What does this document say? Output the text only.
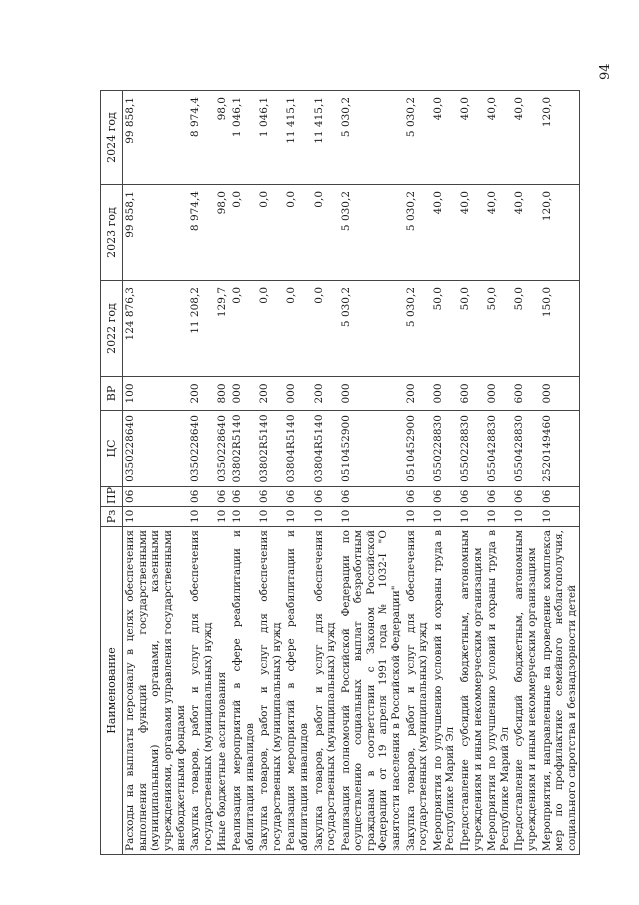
94
Наименование	Рз	ПР	ЦС	ВР	2022 год	2023 год	2024 год
Расходы на выплаты персоналу в целях обеспечения выполнения функций государственными (муниципальными) органами, казенными учреждениями, органами управления государственными внебюджетными фондами	10	06	0350228640	100	124 876,3	99 858,1	99 858,1
Закупка товаров, работ и услуг для обеспечения государственных (муниципальных) нужд	10	06	0350228640	200	11 208,2	8 974,4	8 974,4
Иные бюджетные ассигнования	10	06	0350228640	800	129,7	98,0	98,0
Реализация мероприятий в сфере реабилитации и абилитации инвалидов	10	06	03802R5140	000	0,0	0,0	1 046,1
Закупка товаров, работ и услуг для обеспечения государственных (муниципальных) нужд	10	06	03802R5140	200	0,0	0,0	1 046,1
Реализация мероприятий в сфере реабилитации и абилитации инвалидов	10	06	03804R5140	000	0,0	0,0	11 415,1
Закупка товаров, работ и услуг для обеспечения государственных (муниципальных) нужд	10	06	03804R5140	200	0,0	0,0	11 415,1
Реализация полномочий Российской Федерации по осуществлению социальных выплат безработным гражданам в соответствии с Законом Российской Федерации от 19 апреля 1991 года № 1032-I "О занятости населения в Российской Федерации"	10	06	0510452900	000	5 030,2	5 030,2	5 030,2
Закупка товаров, работ и услуг для обеспечения государственных (муниципальных) нужд	10	06	0510452900	200	5 030,2	5 030,2	5 030,2
Мероприятия по улучшению условий и охраны труда в Республике Марий Эл	10	06	0550228830	000	50,0	40,0	40,0
Предоставление субсидий бюджетным, автономным учреждениям и иным некоммерческим организациям	10	06	0550228830	600	50,0	40,0	40,0
Мероприятия по улучшению условий и охраны труда в Республике Марий Эл	10	06	0550428830	000	50,0	40,0	40,0
Предоставление субсидий бюджетным, автономным учреждениям и иным некоммерческим организациям	10	06	0550428830	600	50,0	40,0	40,0
Мероприятия, направленные на проведение комплекса мер по профилактике семейного неблагополучия, социального сиротства и безнадзорности детей	10	06	2520149460	000	150,0	120,0	120,0
